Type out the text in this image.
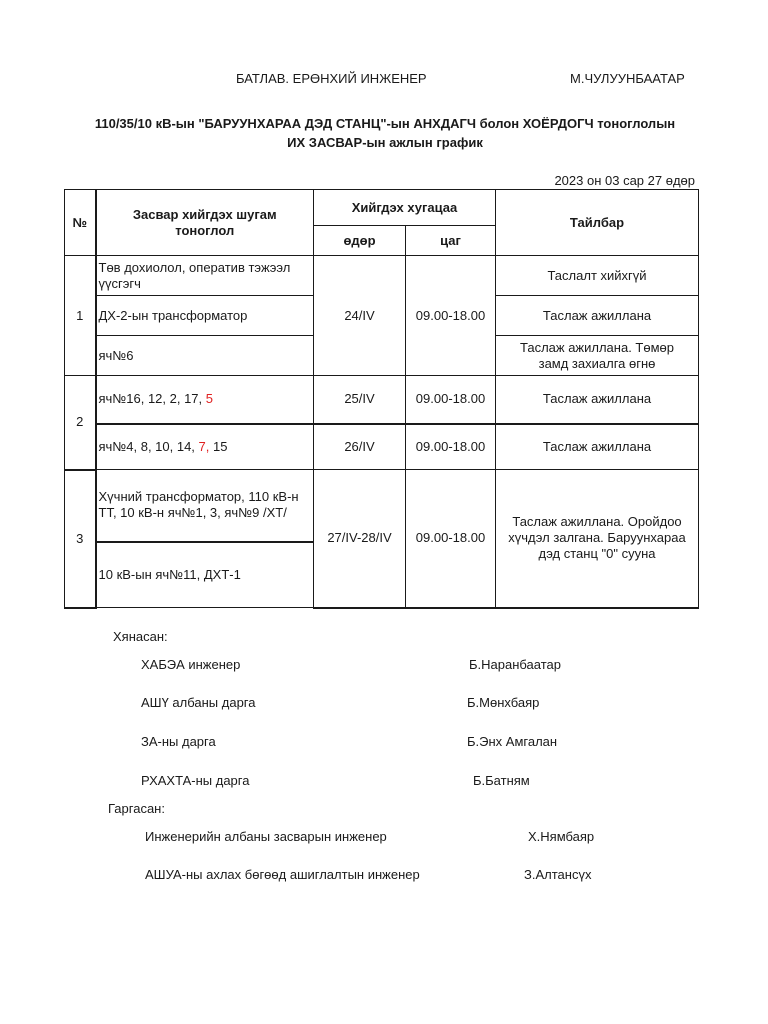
БАТЛАВ. ЕРӨНХИЙ ИНЖЕНЕР	М.ЧУЛУУНБААТАР
110/35/10 кВ-ын "БАРУУНХАРАА ДЭД СТАНЦ"-ын АНХДАГЧ болон ХОЁРДОГЧ тоноглолын
ИХ ЗАСВАР-ын ажлын график
2023 он 03 сар 27 өдөр
№	Засвар хийгдэх шугам тоноглол	Хийгдэх хугацаа		Тайлбар
		өдөр	цаг	
1	Төв дохиолол, оператив тэжээл үүсгэгч	24/IV	09.00-18.00	Таслалт хийхгүй
	ДХ-2-ын трансформатор			Таслаж ажиллана
	яч№6			Таслаж ажиллана. Төмөр замд захиалга өгнө
2	яч№16, 12, 2, 17, 5	25/IV	09.00-18.00	Таслаж ажиллана
	яч№4, 8, 10, 14, 7, 15	26/IV	09.00-18.00	Таслаж ажиллана
3	Хүчний трансформатор, 110 кВ-н ТТ, 10 кВ-н яч№1, 3, яч№9 /ХТ/	27/IV-28/IV	09.00-18.00	Таслаж ажиллана. Оройдоо хүчдэл залгана. Баруунхараа дэд станц "0" сууна
	10 кВ-ын яч№11, ДХТ-1			
Хянасан:
ХАБЭА инженер	Б.Наранбаатар
АШҮ албаны дарга	Б.Мөнхбаяр
ЗА-ны дарга	Б.Энх Амгалан
РХАХТА-ны дарга	Б.Батням
Гаргасан:
Инженерийн албаны засварын инженер	Х.Нямбаяр
АШУА-ны ахлах бөгөөд ашиглалтын инженер	З.Алтансүх
